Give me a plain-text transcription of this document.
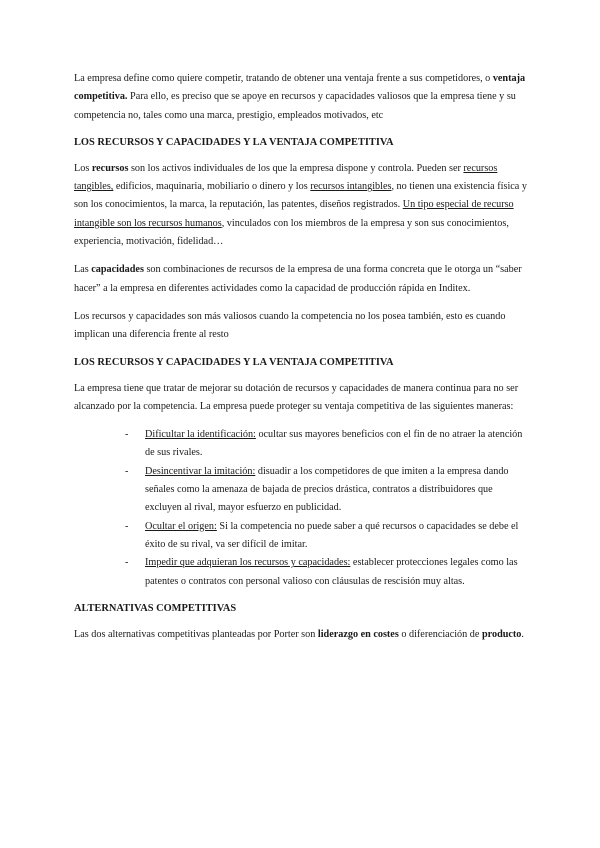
La empresa define como quiere competir, tratando de obtener una ventaja frente a sus competidores, o ventaja competitiva. Para ello, es preciso que se apoye en recursos y capacidades valiosos que la empresa tiene y su competencia no, tales como una marca, prestigio, empleados motivados, etc

LOS RECURSOS Y CAPACIDADES Y LA VENTAJA COMPETITIVA

Los recursos son los activos individuales de los que la empresa dispone y controla. Pueden ser recursos tangibles, edificios, maquinaria, mobiliario o dinero y los recursos intangibles, no tienen una existencia física y son los conocimientos, la marca, la reputación, las patentes, diseños registrados. Un tipo especial de recurso intangible son los recursos humanos, vinculados con los miembros de la empresa y son sus conocimientos, experiencia, motivación, fidelidad…

Las capacidades son combinaciones de recursos de la empresa de una forma concreta que le otorga un “saber hacer” a la empresa en diferentes actividades como la capacidad de producción rápida en Inditex.

Los recursos y capacidades son más valiosos cuando la competencia no los posea también, esto es cuando implican una diferencia frente al resto

LOS RECURSOS Y CAPACIDADES Y LA VENTAJA COMPETITIVA

La empresa tiene que tratar de mejorar su dotación de recursos y capacidades de manera continua para no ser alcanzado por la competencia. La empresa puede proteger su ventaja competitiva de las siguientes maneras:

- Dificultar la identificación: ocultar sus mayores beneficios con el fin de no atraer la atención de sus rivales.
- Desincentivar la imitación: disuadir a los competidores de que imiten a la empresa dando señales como la amenaza de bajada de precios drástica, contratos a distribuidores que excluyen al rival, mayor esfuerzo en publicidad.
- Ocultar el origen: Si la competencia no puede saber a qué recursos o capacidades se debe el éxito de su rival, va ser difícil de imitar.
- Impedir que adquieran los recursos y capacidades: establecer protecciones legales como las patentes o contratos con personal valioso con cláusulas de rescisión muy altas.
ALTERNATIVAS COMPETITIVAS

Las dos alternativas competitivas planteadas por Porter son liderazgo en costes o diferenciación de producto.
